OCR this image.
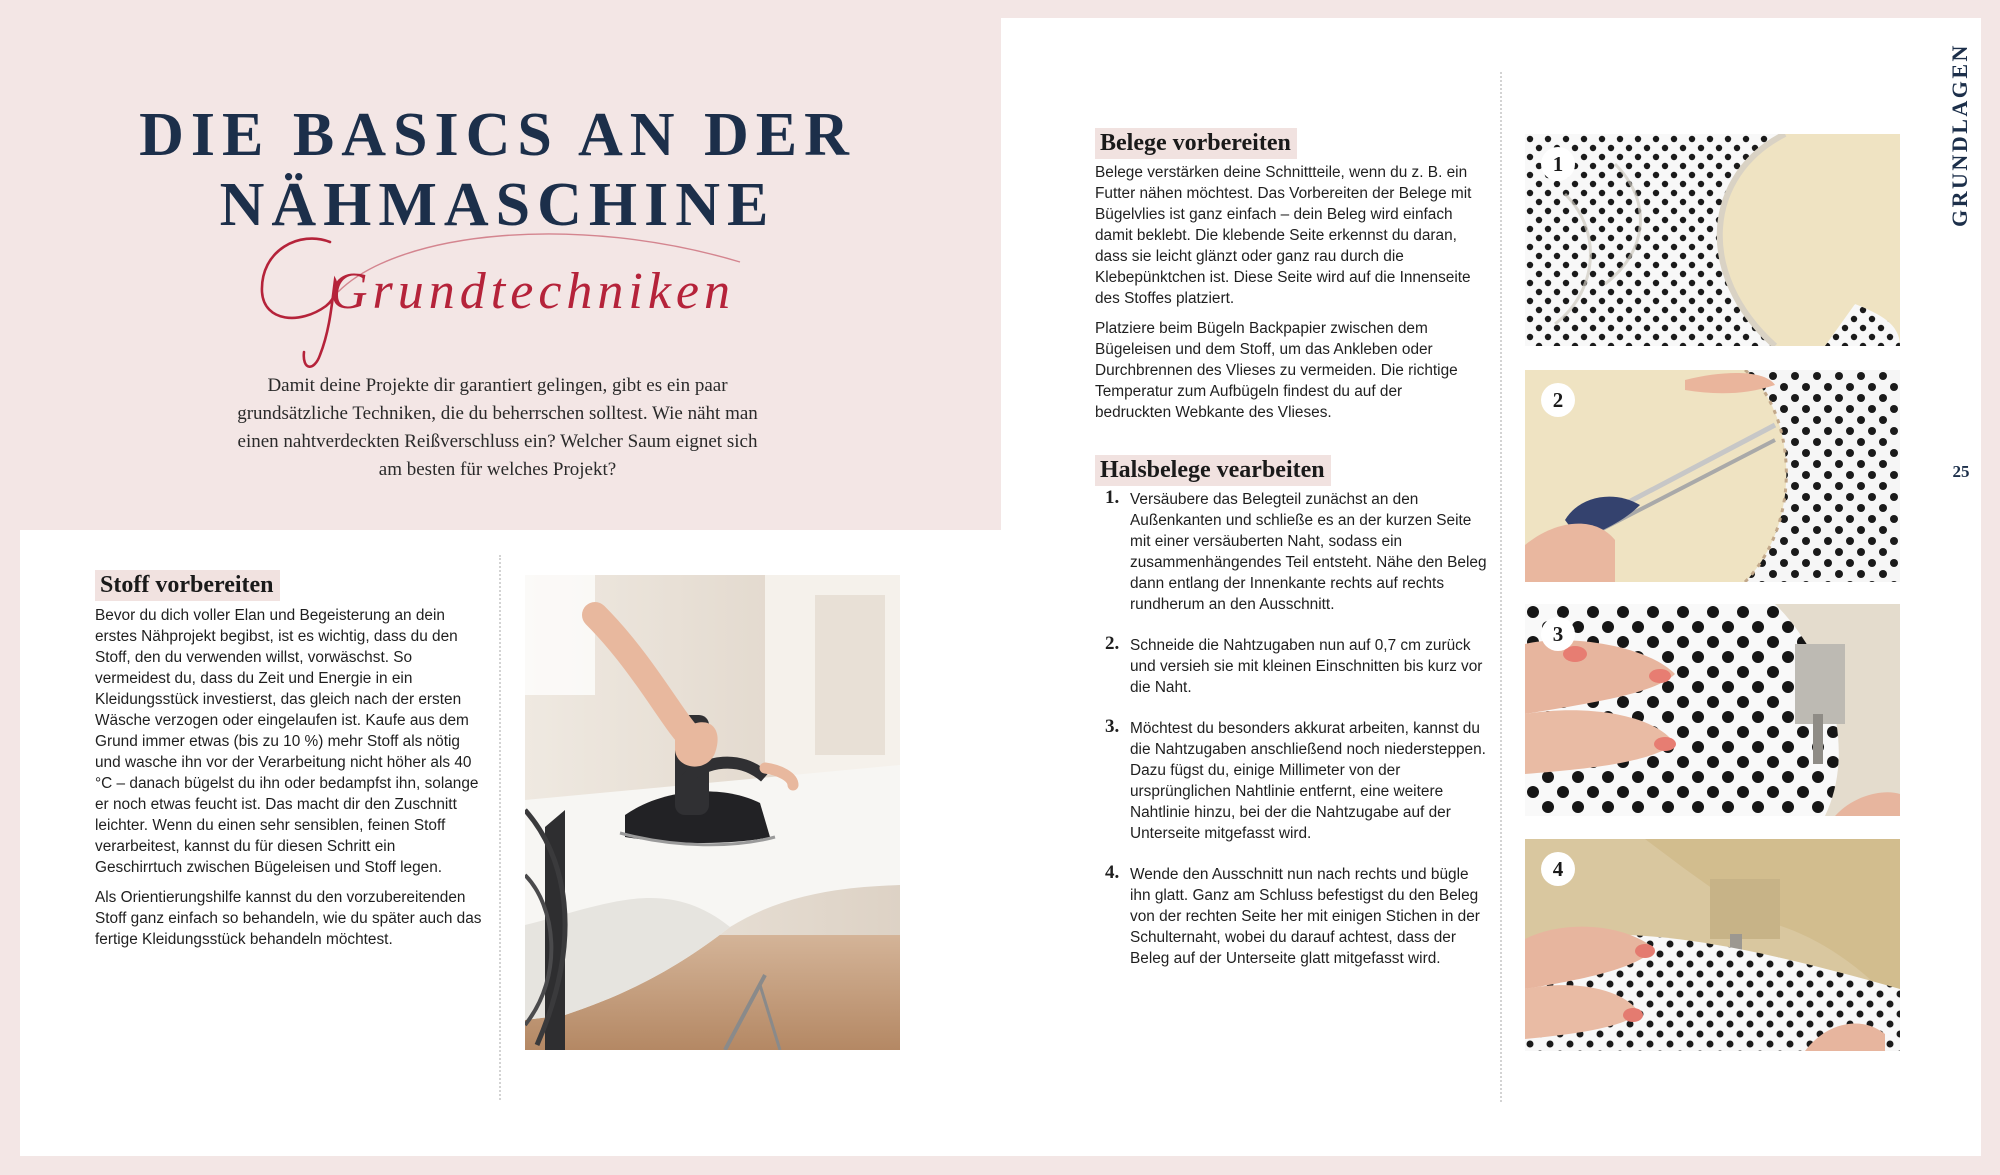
DIE BASICS AN DER
NÄHMASCHINE
Grundtechniken

Damit deine Projekte dir garantiert gelingen, gibt es ein paar grundsätzliche Techniken, die du beherrschen solltest. Wie näht man einen nahtverdeckten Reißverschluss ein? Welcher Saum eignet sich am besten für welches Projekt?

Stoff vorbereiten

Bevor du dich voller Elan und Begeisterung an dein erstes Nähprojekt begibst, ist es wichtig, dass du den Stoff, den du verwenden willst, vorwäschst. So vermeidest du, dass du Zeit und Energie in ein Kleidungsstück investierst, das gleich nach der ersten Wäsche verzogen oder eingelaufen ist. Kaufe aus dem Grund immer etwas (bis zu 10 %) mehr Stoff als nötig und wasche ihn vor der Verarbeitung nicht höher als 40 °C – danach bügelst du ihn oder bedampfst ihn, solange er noch etwas feucht ist. Das macht dir den Zuschnitt leichter. Wenn du einen sehr sensiblen, feinen Stoff verarbeitest, kannst du für diesen Schritt ein Geschirrtuch zwischen Bügeleisen und Stoff legen.

Als Orientierungshilfe kannst du den vorzubereitenden Stoff ganz einfach so behandeln, wie du später auch das fertige Kleidungsstück behandeln möchtest.

Belege vorbereiten

Belege verstärken deine Schnittteile, wenn du z. B. ein Futter nähen möchtest. Das Vorbereiten der Belege mit Bügelvlies ist ganz einfach – dein Beleg wird einfach damit beklebt. Die klebende Seite erkennst du daran, dass sie leicht glänzt oder ganz rau durch die Klebepünktchen ist. Diese Seite wird auf die Innenseite des Stoffes platziert.

Platziere beim Bügeln Backpapier zwischen dem Bügeleisen und dem Stoff, um das Ankleben oder Durchbrennen des Vlieses zu vermeiden. Die richtige Temperatur zum Aufbügeln findest du auf der bedruckten Webkante des Vlieses.

Halsbelege vearbeiten
1. Versäubere das Belegteil zunächst an den Außenkanten und schließe es an der kurzen Seite mit einer versäuberten Naht, sodass ein zusammenhängendes Teil entsteht. Nähe den Beleg dann entlang der Innenkante rechts auf rechts rundherum an den Ausschnitt.
2. Schneide die Nahtzugaben nun auf 0,7 cm zurück und versieh sie mit kleinen Einschnitten bis kurz vor die Naht.
3. Möchtest du besonders akkurat arbeiten, kannst du die Nahtzugaben anschließend noch niedersteppen. Dazu fügst du, einige Millimeter von der ursprünglichen Nahtlinie entfernt, eine weitere Nahtlinie hinzu, bei der die Nahtzugabe auf der Unterseite mitgefasst wird.
4. Wende den Ausschnitt nun nach rechts und bügle ihn glatt. Ganz am Schluss befestigst du den Beleg von der rechten Seite her mit einigen Stichen in der Schulternaht, wobei du darauf achtest, dass der Beleg auf der Unterseite glatt mitgefasst wird.
1
2
3
4
GRUNDLAGEN
25
